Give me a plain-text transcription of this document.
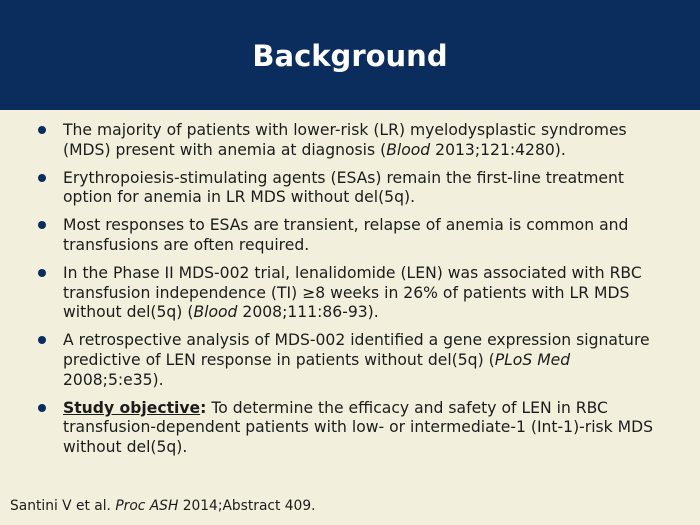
Background
The majority of patients with lower-risk (LR) myelodysplastic syndromes (MDS) present with anemia at diagnosis (Blood 2013;121:4280).
Erythropoiesis-stimulating agents (ESAs) remain the first-line treatment option for anemia in LR MDS without del(5q).
Most responses to ESAs are transient, relapse of anemia is common and transfusions are often required.
In the Phase II MDS-002 trial, lenalidomide (LEN) was associated with RBC transfusion independence (TI) ≥8 weeks in 26% of patients with LR MDS without del(5q) (Blood 2008;111:86-93).
A retrospective analysis of MDS-002 identified a gene expression signature predictive of LEN response in patients without del(5q) (PLoS Med 2008;5:e35).
Study objective: To determine the efficacy and safety of LEN in RBC transfusion-dependent patients with low- or intermediate-1 (Int-1)-risk MDS without del(5q).
Santini V et al. Proc ASH 2014;Abstract 409.
